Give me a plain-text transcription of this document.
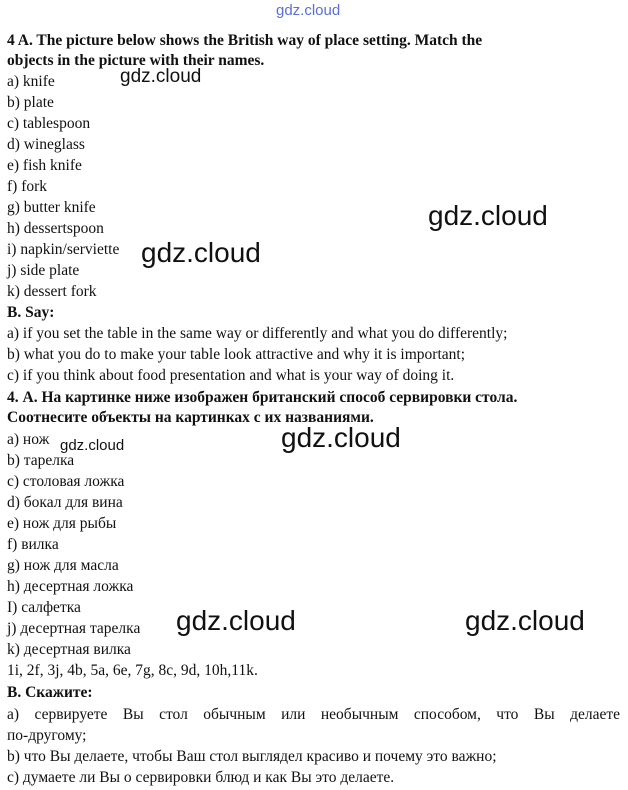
gdz.cloud
gdz.cloud
gdz.cloud
gdz.cloud
gdz.cloud
gdz.cloud
gdz.cloud	gdz.cloud
4 A. The picture below shows the British way of place setting. Match the
objects in the picture with their names.
a) knife
b) plate
c) tablespoon
d) wineglass
e) fish knife
f) fork
g) butter knife
h) dessertspoon
i) napkin/serviette
j) side plate
k) dessert fork
B. Say:
a) if you set the table in the same way or differently and what you do differently;
b) what you do to make your table look attractive and why it is important;
c) if you think about food presentation and what is your way of doing it.
4. А. На картинке ниже изображен британский способ сервировки стола.
Соотнесите объекты на картинках с их названиями.
a) нож
b) тарелка
c) столовая ложка
d) бокал для вина
e) нож для рыбы
f) вилка
g) нож для масла
h) десертная ложка
I) салфетка
j) десертная тарелка
k) десертная вилка
1i, 2f, 3j, 4b, 5a, 6e, 7g, 8c, 9d, 10h,11k.
В. Скажите:
а) сервируете Вы стол обычным или необычным способом, что Вы делаете
по-другому;
b) что Вы делаете, чтобы Ваш стол выглядел красиво и почему это важно;
с) думаете ли Вы о сервировки блюд и как Вы это делаете.
